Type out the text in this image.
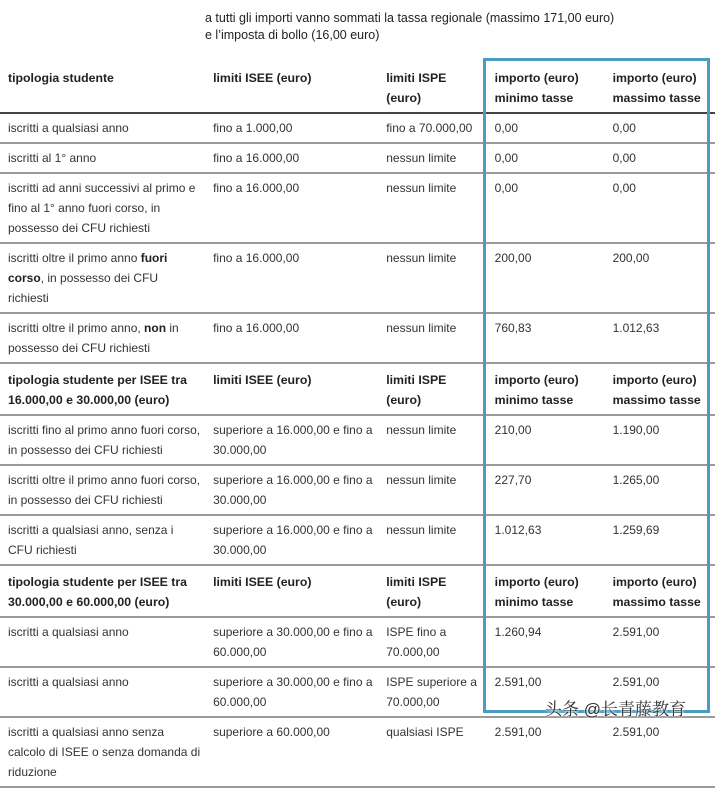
a tutti gli importi vanno sommati la tassa regionale (massimo 171,00 euro)
e l’imposta di bollo (16,00 euro)
tipologia studente	limiti ISEE (euro)	limiti ISPE (euro)	importo (euro) minimo tasse	importo (euro) massimo tasse
iscritti a qualsiasi anno	fino a 1.000,00	fino a 70.000,00	0,00	0,00
iscritti al 1° anno	fino a 16.000,00	nessun limite	0,00	0,00
iscritti ad anni successivi al primo e fino al 1° anno fuori corso, in possesso dei CFU richiesti	fino a 16.000,00	nessun limite	0,00	0,00
iscritti oltre il primo anno fuori corso, in possesso dei CFU richiesti	fino a 16.000,00	nessun limite	200,00	200,00
iscritti oltre il primo anno, non in possesso dei CFU richiesti	fino a 16.000,00	nessun limite	760,83	1.012,63
tipologia studente per ISEE tra 16.000,00 e 30.000,00 (euro)	limiti ISEE (euro)	limiti ISPE (euro)	importo (euro) minimo tasse	importo (euro) massimo tasse
iscritti fino al primo anno fuori corso, in possesso dei CFU richiesti	superiore a 16.000,00 e fino a 30.000,00	nessun limite	210,00	1.190,00
iscritti oltre il primo anno fuori corso, in possesso dei CFU richiesti	superiore a 16.000,00 e fino a 30.000,00	nessun limite	227,70	1.265,00
iscritti a qualsiasi anno, senza i CFU richiesti	superiore a 16.000,00 e fino a 30.000,00	nessun limite	1.012,63	1.259,69
tipologia studente per ISEE tra 30.000,00 e 60.000,00 (euro)	limiti ISEE (euro)	limiti ISPE (euro)	importo (euro) minimo tasse	importo (euro) massimo tasse
iscritti a qualsiasi anno	superiore a 30.000,00 e fino a 60.000,00	ISPE fino a 70.000,00	1.260,94	2.591,00
iscritti a qualsiasi anno	superiore a 30.000,00 e fino a 60.000,00	ISPE superiore a 70.000,00	2.591,00	2.591,00
iscritti a qualsiasi anno senza calcolo di ISEE o senza domanda di riduzione	superiore a 60.000,00	qualsiasi ISPE	2.591,00	2.591,00
头条 @长青藤教育
